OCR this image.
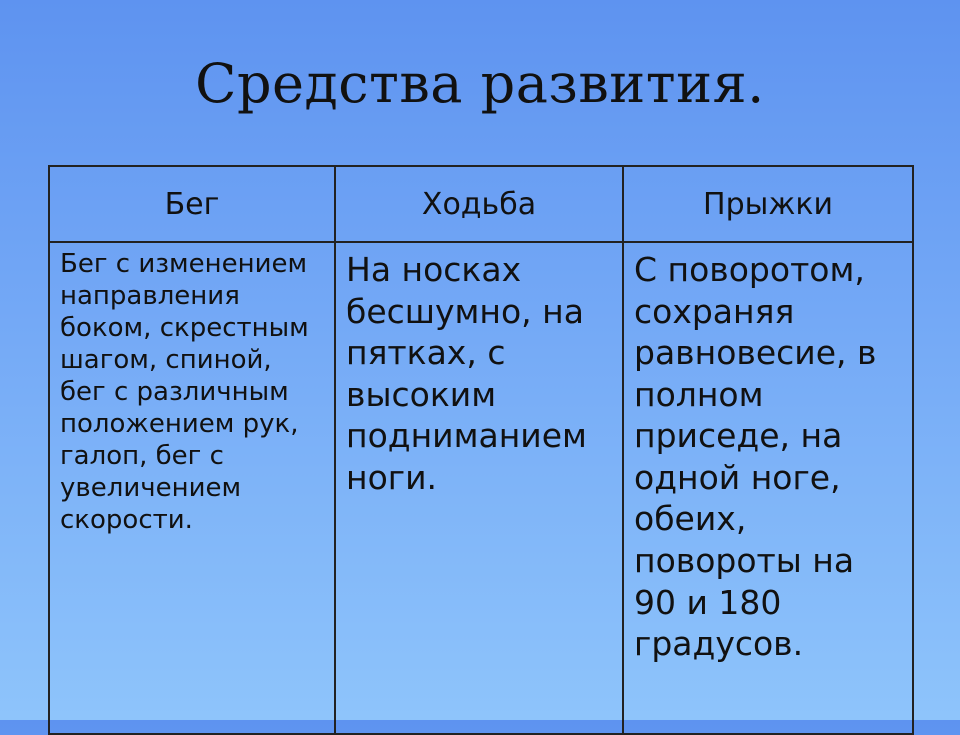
Средства развития.
Бег	Ходьба	Прыжки
Бег с изменением направления боком, скрестным шагом, спиной, бег с различным положением рук, галоп, бег с увеличением скорости.	На носках бесшумно, на пятках, с высоким подниманием ноги.	С поворотом, сохраняя равновесие, в полном приседе, на одной ноге, обеих, повороты на 90 и 180 градусов.
